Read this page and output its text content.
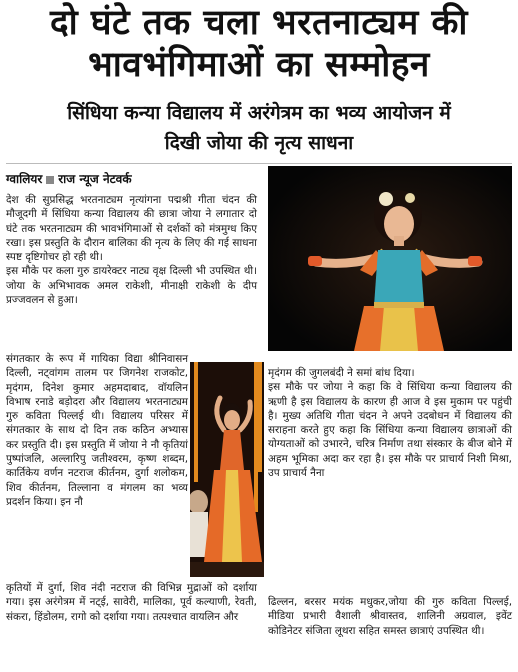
दो घंटे तक चला भरतनाट्यम की
भावभंगिमाओं का सम्मोहन
सिंधिया कन्या विद्यालय में अरंगेत्रम का भव्य आयोजन में
दिखी जोया की नृत्य साधना
ग्वालियर राज न्यूज नेटवर्क
देश की सुप्रसिद्ध भरतनाट्यम नृत्यांगना पद्मश्री गीता चंदन की मौजूदगी में सिंधिया कन्या विद्यालय की छात्रा जोया ने लगातार दो घंटे तक भरतनाट्यम की भावभंगिमाओं से दर्शकों को मंत्रमुग्ध किए रखा। इस प्रस्तुति के दौरान बालिका की नृत्य के लिए की गई साधना स्पष्ट दृष्टिगोचर हो रही थी।
इस मौके पर कला गुरु डायरेक्टर नाट्य वृक्ष दिल्ली भी उपस्थित थी। जोया के अभिभावक अमल राकेशी, मीनाक्षी राकेशी के दीप प्रज्जवलन से हुआ।
संगतकार के रूप में गायिका विद्या श्रीनिवासन दिल्ली, नट्वांगम तालम पर जिगनेश राजकोट, मृदंगम, दिनेश कुमार अहमदाबाद, वॉयलिन विभाष रनाडे बड़ोदरा और विद्यालय भरतनाट्यम गुरु कविता पिल्लई थी। विद्यालय परिसर में संगतकार के साथ दो दिन तक कठिन अभ्यास कर प्रस्तुति दी। इस प्रस्तुति में जोया ने नौ कृतियां पुष्पांजलि, अल्लारिपु जतीश्वरम, कृष्ण शब्दम, कार्तिकेय वर्णन नटराज कीर्तनम, दुर्गा शलोकम, शिव कीर्तनम, तिल्लाना व मंगलम का भव्य प्रदर्शन किया। इन नौ
कृतियों में दुर्गा, शिव नंदी नटराज की विभिन्न मुद्राओं को दर्शाया गया। इस अरंगेत्रम में नट्ई, सावेरी, मालिका, पूर्व कल्याणी, रेवती, संकरा, हिंडोलम, रागो को दर्शाया गया। तत्पश्चात वायलिन और
मृदंगम की जुगलबंदी ने समां बांध दिया।
इस मौके पर जोया ने कहा कि वे सिंधिया कन्या विद्यालय की ऋणी है इस विद्यालय के कारण ही आज वे इस मुकाम पर पहुंची है। मुख्य अतिथि गीता चंदन ने अपने उदबोधन में विद्यालय की सराहना करते हुए कहा कि सिंधिया कन्या विद्यालय छात्राओं की योग्यताओं को उभारने, चरित्र निर्माण तथा संस्कार के बीज बोने में अहम भूमिका अदा कर रहा है। इस मौके पर प्राचार्य निशी मिश्रा, उप प्राचार्य नैना
ढिल्लन, बरसर मयंक मधुकर,जोया की गुरु कविता पिल्लई, मीडिया प्रभारी वैशाली श्रीवास्तव, शालिनी अग्रवाल, इवेंट कोडिनेटर संजिता लूथरा सहित समस्त छात्राएं उपस्थित थी।
